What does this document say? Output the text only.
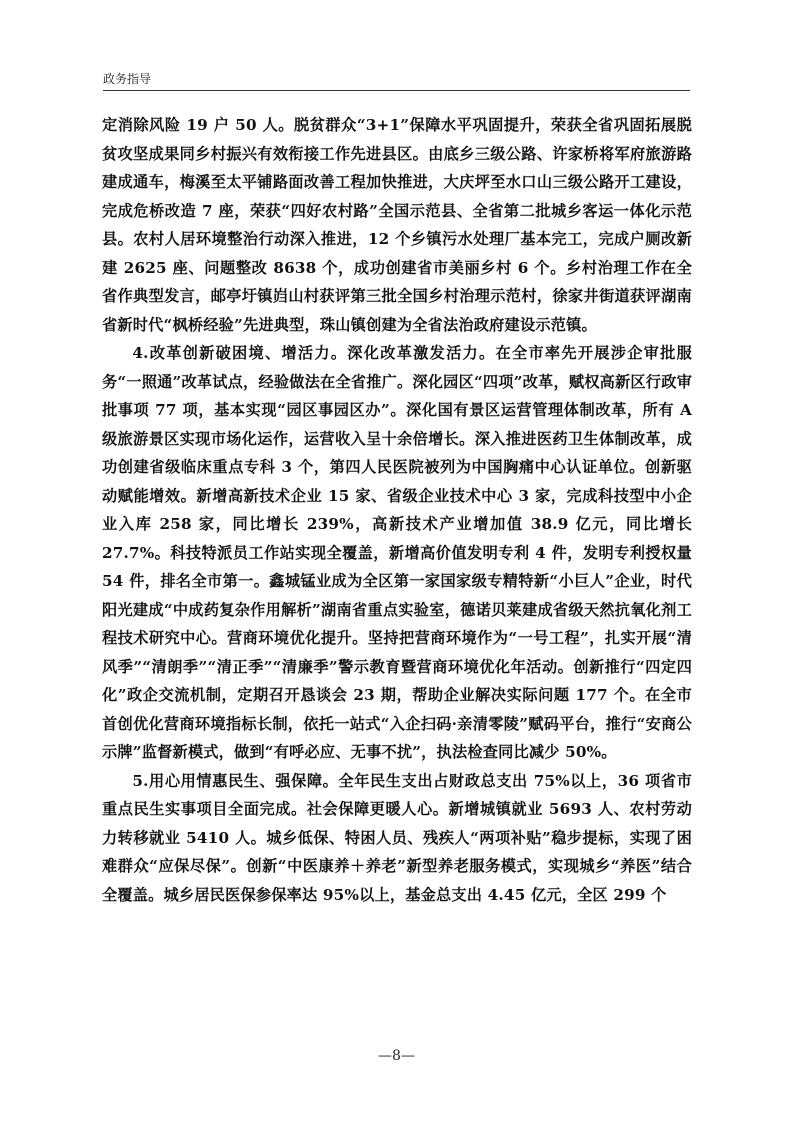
政务指导

定消除风险 19 户 50 人。脱贫群众“3+1”保障水平巩固提升，荣获全省巩固拓展脱贫攻坚成果同乡村振兴有效衔接工作先进县区。由底乡三级公路、许家桥将军府旅游路建成通车，梅溪至太平铺路面改善工程加快推进，大庆坪至水口山三级公路开工建设，完成危桥改造 7 座，荣获“四好农村路”全国示范县、全省第二批城乡客运一体化示范县。农村人居环境整治行动深入推进，12 个乡镇污水处理厂基本完工，完成户厕改新建 2625 座、问题整改 8638 个，成功创建省市美丽乡村 6 个。乡村治理工作在全省作典型发言，邮亭圩镇岿山村获评第三批全国乡村治理示范村，徐家井街道获评湖南省新时代“枫桥经验”先进典型，珠山镇创建为全省法治政府建设示范镇。

4.改革创新破困境、增活力。深化改革激发活力。在全市率先开展涉企审批服务“一照通”改革试点，经验做法在全省推广。深化园区“四项”改革，赋权高新区行政审批事项 77 项，基本实现“园区事园区办”。深化国有景区运营管理体制改革，所有 A 级旅游景区实现市场化运作，运营收入呈十余倍增长。深入推进医药卫生体制改革，成功创建省级临床重点专科 3 个，第四人民医院被列为中国胸痛中心认证单位。创新驱动赋能增效。新增高新技术企业 15 家、省级企业技术中心 3 家，完成科技型中小企业入库 258 家，同比增长 239%，高新技术产业增加值 38.9 亿元，同比增长 27.7%。科技特派员工作站实现全覆盖，新增高价值发明专利 4 件，发明专利授权量 54 件，排名全市第一。鑫城锰业成为全区第一家国家级专精特新“小巨人”企业，时代阳光建成“中成药复杂作用解析”湖南省重点实验室，德诺贝莱建成省级天然抗氧化剂工程技术研究中心。营商环境优化提升。坚持把营商环境作为“一号工程”，扎实开展“清风季”“清朗季”“清正季”“清廉季”警示教育暨营商环境优化年活动。创新推行“四定四化”政企交流机制，定期召开恳谈会 23 期，帮助企业解决实际问题 177 个。在全市首创优化营商环境指标长制，依托一站式“入企扫码·亲清零陵”赋码平台，推行“安商公示牌”监督新模式，做到“有呼必应、无事不扰”，执法检查同比减少 50%。

5.用心用情惠民生、强保障。全年民生支出占财政总支出 75%以上，36 项省市重点民生实事项目全面完成。社会保障更暖人心。新增城镇就业 5693 人、农村劳动力转移就业 5410 人。城乡低保、特困人员、残疾人“两项补贴”稳步提标，实现了困难群众“应保尽保”。创新“中医康养＋养老”新型养老服务模式，实现城乡“养医”结合全覆盖。城乡居民医保参保率达 95%以上，基金总支出 4.45 亿元，全区 299 个

—8—
